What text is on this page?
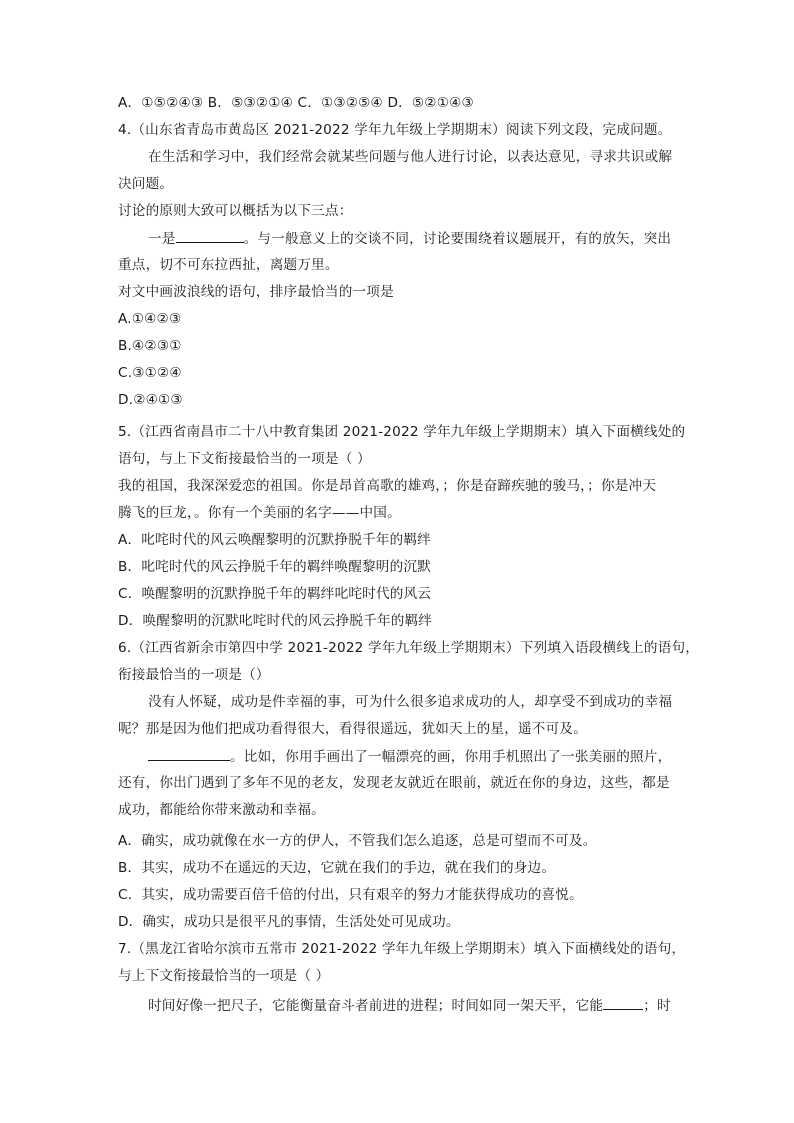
A．①⑤②④③ B．⑤③②①④ C．①③②⑤④ D．⑤②①④③
4.（山东省青岛市黄岛区 2021-2022 学年九年级上学期期末）阅读下列文段，完成问题。
在生活和学习中，我们经常会就某些问题与他人进行讨论，以表达意见，寻求共识或解
决问题。
讨论的原则大致可以概括为以下三点：
一是	。与一般意义上的交谈不同，讨论要围绕着议题展开，有的放矢，突出
重点，切不可东拉西扯，离题万里。
对文中画波浪线的语句，排序最恰当的一项是
A.①④②③
B.④②③①
C.③①②④
D.②④①③
5.（江西省南昌市二十八中教育集团 2021-2022 学年九年级上学期期末）填入下面横线处的
语句，与上下文衔接最恰当的一项是（ ）
我的祖国，我深深爱恋的祖国。你是昂首高歌的雄鸡，；你是奋蹄疾驰的骏马，；你是冲天
腾飞的巨龙，。你有一个美丽的名字——中国。
A．叱咤时代的风云唤醒黎明的沉默挣脱千年的羁绊
B．叱咤时代的风云挣脱千年的羁绊唤醒黎明的沉默
C．唤醒黎明的沉默挣脱千年的羁绊叱咤时代的风云
D．唤醒黎明的沉默叱咤时代的风云挣脱千年的羁绊
6.（江西省新余市第四中学 2021-2022 学年九年级上学期期末）下列填入语段横线上的语句，
衔接最恰当的一项是（）
没有人怀疑，成功是件幸福的事，可为什么很多追求成功的人，却享受不到成功的幸福
呢？那是因为他们把成功看得很大，看得很遥远，犹如天上的星，遥不可及。
。比如，你用手画出了一幅漂亮的画，你用手机照出了一张美丽的照片，
还有，你出门遇到了多年不见的老友，发现老友就近在眼前，就近在你的身边，这些，都是
成功，都能给你带来激动和幸福。
A．确实，成功就像在水一方的伊人，不管我们怎么追逐，总是可望而不可及。
B．其实，成功不在遥远的天边，它就在我们的手边，就在我们的身边。
C．其实，成功需要百倍千倍的付出，只有艰辛的努力才能获得成功的喜悦。
D．确实，成功只是很平凡的事情，生活处处可见成功。
7.（黑龙江省哈尔滨市五常市 2021-2022 学年九年级上学期期末）填入下面横线处的语句，
与上下文衔接最恰当的一项是（ ）
时间好像一把尺子，它能衡量奋斗者前进的进程；时间如同一架天平，它能	；时
